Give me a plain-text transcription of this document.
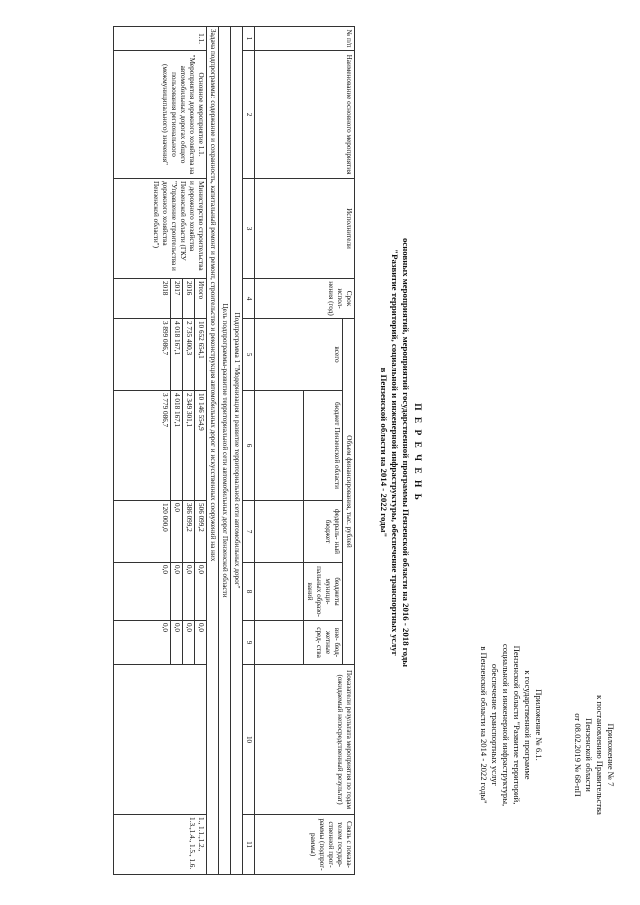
Приложение № 7
к постановлению Правительства
Пензенской области
от 08.02.2019 № 68-пП
Приложение № 6.1.
к государственной программе
Пензенской области "Развитие территорий,
социальной и инженерной инфраструктуры,
обеспечение транспортных услуг
в Пензенской области на 2014 - 2022 годы"
П Е Р Е Ч Е Н Ь
основных мероприятий, мероприятий государственной программы Пензенской области на 2016 - 2018 годы
"Развитие территорий, социальной и инженерной инфраструктуры, обеспечение транспортных услуг
в Пензенской области на 2014 - 2022 годы"
№ п/п	Наименование основного мероприятия	Исполнители	Срок испол- нения (год)	Объем финансирования, тыс. рублей					Показатели результата мероприятия по годам (ожидаемый непосредственный результат)	Связь с показа- телем государ- ственной прог- раммы (подпрог- раммы)
				всего	бюджет Пензенской области	федераль- ный бюджет	бюджеты муници- пальных образо- ваний	вне- бюд- жетные сред- ства		

1	2	3	4	5	6	7	8	9	10	11
Подпрограмма 1 "Модернизация и развитие территориальной сети автомобильных дорог"										
Цель подпрограммы-развитие территориальной сети автомобильных дорог Пензенской области										
Задача подпрограммы: содержание и сохранность, капитальный ремонт и ремонт, строительство и реконструкция автомобильных дорог и искусственных сооружений на них										
1.1.	Основное мероприятие 1.1. "Мероприятия дорожного хозяйства на автомобильных дорогах общего пользования регионального (межмуниципального) значения"	Министерство строительства и дорожного хозяйства Пензенской области (ГКУ "Управление строительства и дорожного хозяйства Пензенской области")	Итого	10 652 654,1	10 146 554,9	506 099,2	0,0	0,0		1., 1.1.,1.2., 1.3.,1.4., 1.5., 1.6.
			2016	2 735 400,3	2 349 301,1	386 099,2	0,0	0,0		
			2017	4 018 167,1	4 018 167,1	0,0	0,0	0,0		
			2018	3 899 086,7	3 779 086,7	120 000,0	0,0	0,0		
